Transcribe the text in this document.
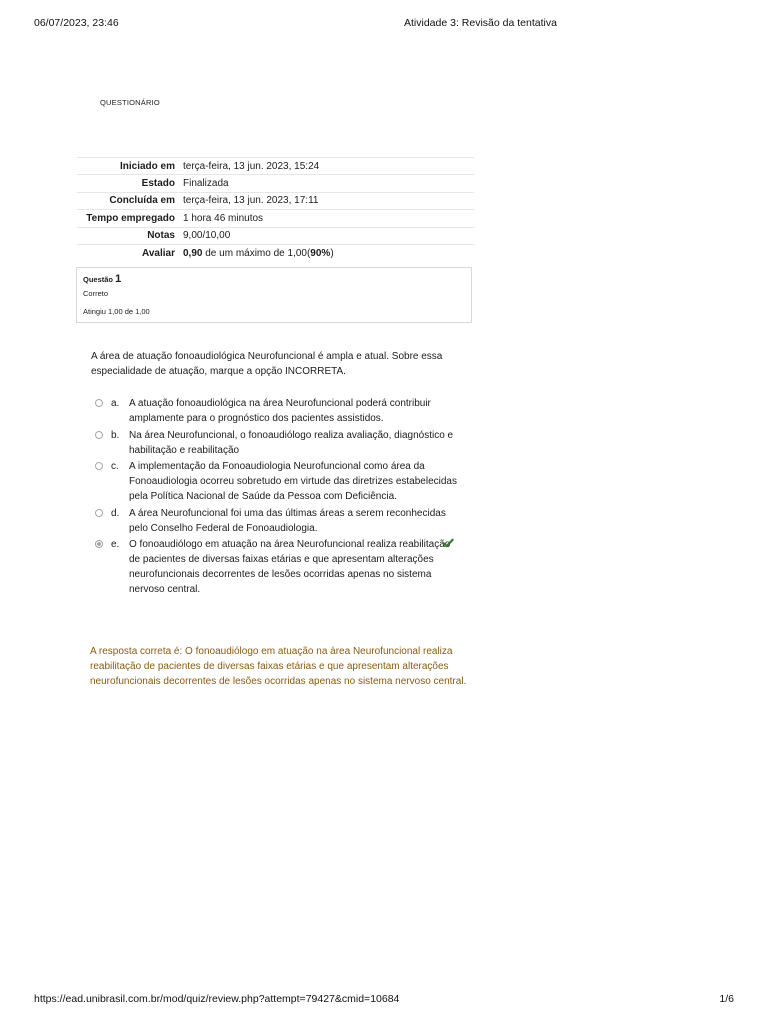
06/07/2023, 23:46	Atividade 3: Revisão da tentativa
QUESTIONÁRIO
Iniciado em	terça-feira, 13 jun. 2023, 15:24
Estado	Finalizada
Concluída em	terça-feira, 13 jun. 2023, 17:11
Tempo empregado	1 hora 46 minutos
Notas	9,00/10,00
Avaliar	0,90 de um máximo de 1,00(90%)
Questão 1
Correto
Atingiu 1,00 de 1,00
A área de atuação fonoaudiológica Neurofuncional é ampla e atual. Sobre essa especialidade de atuação, marque a opção INCORRETA.
a. A atuação fonoaudiológica na área Neurofuncional poderá contribuir amplamente para o prognóstico dos pacientes assistidos.
b. Na área Neurofuncional, o fonoaudiólogo realiza avaliação, diagnóstico e habilitação e reabilitação
c.	A implementação da Fonoaudiologia Neurofuncional como área da Fonoaudiologia ocorreu sobretudo em virtude das diretrizes estabelecidas pela Política Nacional de Saúde da Pessoa com Deficiência.
d. A área Neurofuncional foi uma das últimas áreas a serem reconhecidas pelo Conselho Federal de Fonoaudiologia.
e. O fonoaudiólogo em atuação na área Neurofuncional realiza reabilitação de pacientes de diversas faixas etárias e que apresentam alterações neurofuncionais decorrentes de lesões ocorridas apenas no sistema nervoso central.
A resposta correta é: O fonoaudiólogo em atuação na área Neurofuncional realiza reabilitação de pacientes de diversas faixas etárias e que apresentam alterações neurofuncionais decorrentes de lesões ocorridas apenas no sistema nervoso central.
https://ead.unibrasil.com.br/mod/quiz/review.php?attempt=79427&cmid=10684	1/6
